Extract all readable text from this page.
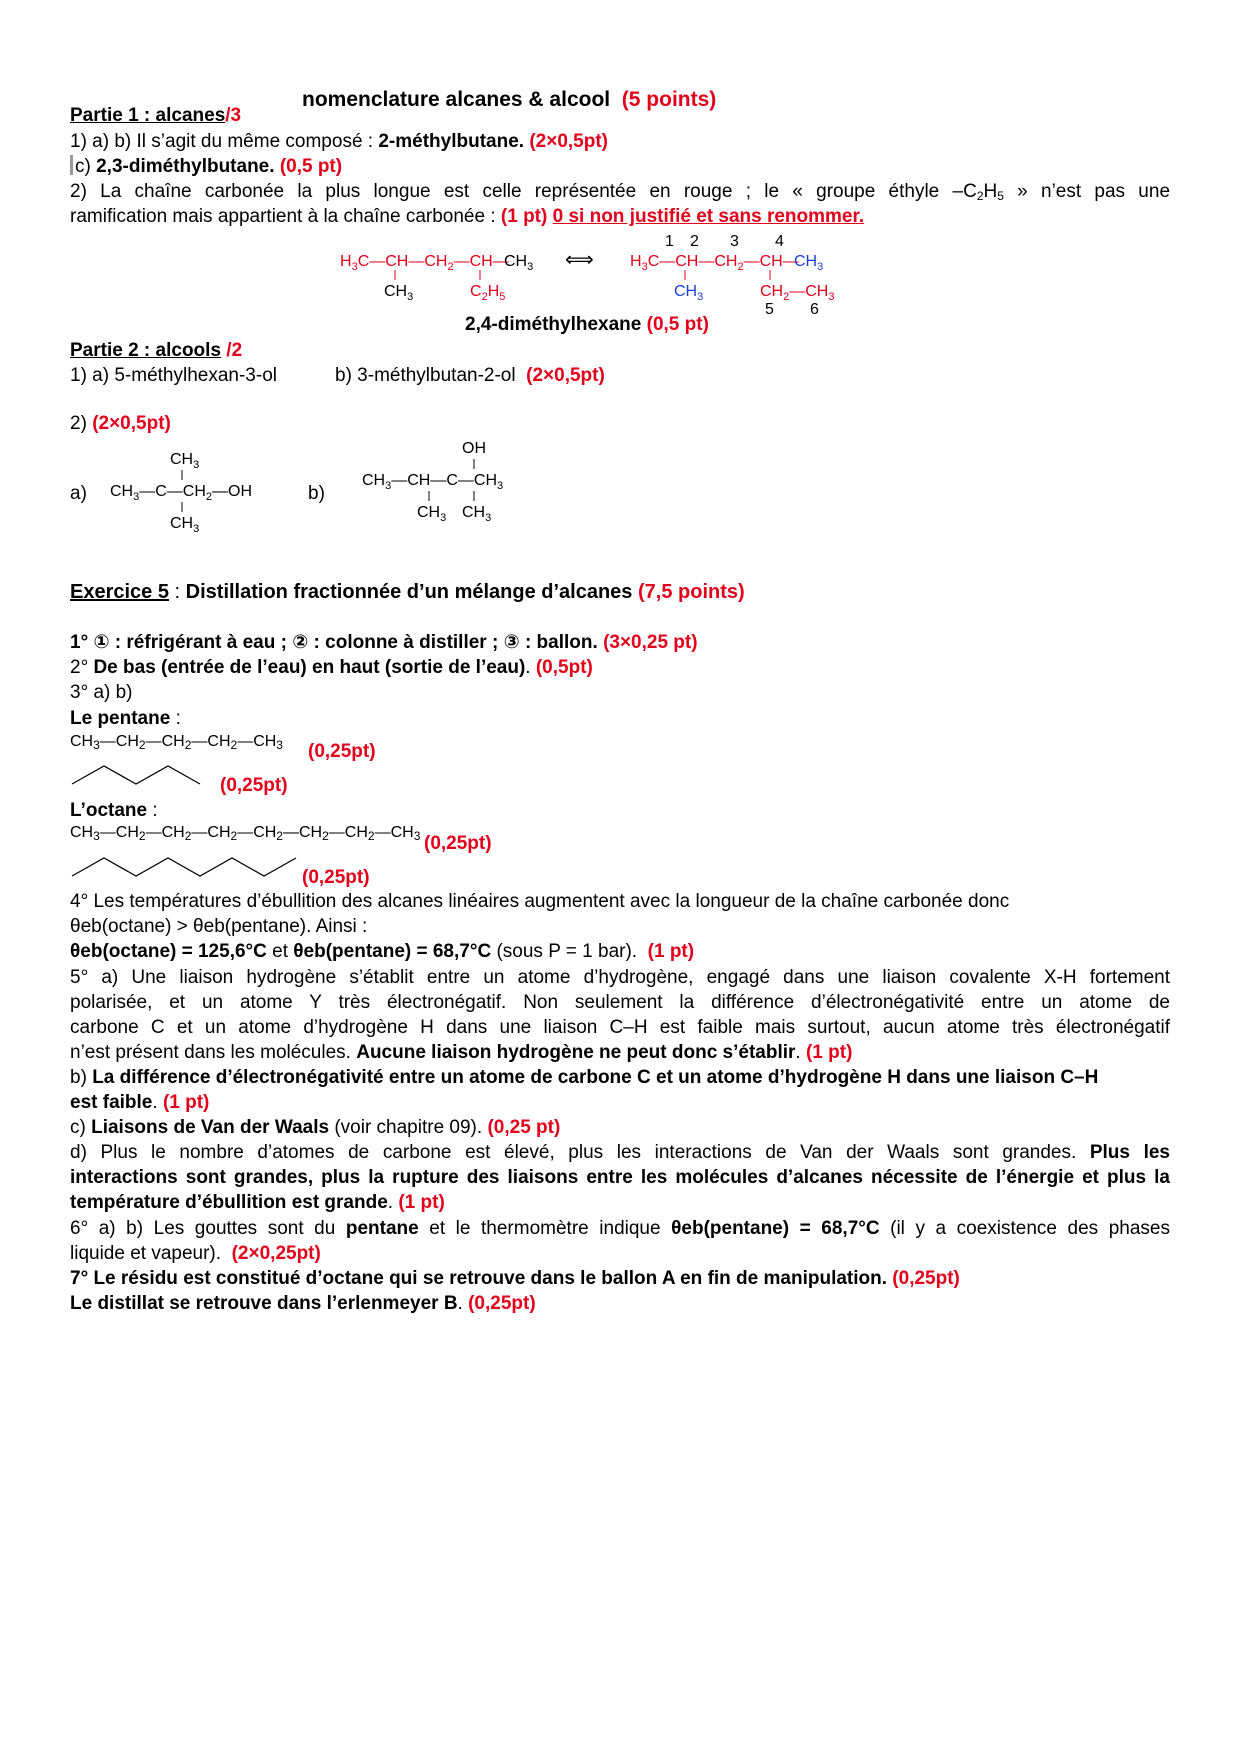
nomenclature alcanes & alcool (5 points)
Partie 1 : alcanes/3
1) a) b) Il s’agit du même composé : 2-méthylbutane. (2×0,5pt)
c) 2,3-diméthylbutane. (0,5 pt)
2) La chaîne carbonée la plus longue est celle représentée en rouge ; le « groupe éthyle $-C_2H_5$ » n’est pas une
ramification mais appartient à la chaîne carbonée : (1 pt) 0 si non justifié et sans renommer.
$H_3C—CH—CH_2—CH—$
$CH_3$
$CH_3$	$C_2H_5$
⟺
1 2 3 4
$H_3C—CH—CH_2—CH—$
$CH_3$
$CH_3$	$CH_2—CH_3$
5 6
2,4-diméthylhexane (0,5 pt)
Partie 2 : alcools /2
1) a) 5-méthylhexan-3-ol	b) 3-méthylbutan-2-ol (2×0,5pt)
2) (2×0,5pt)
a)
$CH_3$
$CH_3—C—CH_2—OH$
$CH_3$
b)
OH
$CH_3—CH—C—CH_3$
$CH_3$ $CH_3$
Exercice 5 : Distillation fractionnée d’un mélange d’alcanes (7,5 points)
1° ① : réfrigérant à eau ; ② : colonne à distiller ; ③ : ballon. (3×0,25 pt)
2° De bas (entrée de l’eau) en haut (sortie de l’eau). (0,5pt)
3° a) b)
Le pentane :
$CH_3—CH_2—CH_2—CH_2—CH_3$ (0,25pt)
(0,25pt)
L’octane :
$CH_3—CH_2—CH_2—CH_2—CH_2—CH_2—CH_2—CH_3$ (0,25pt)
(0,25pt)
4° Les températures d’ébullition des alcanes linéaires augmentent avec la longueur de la chaîne carbonée donc
θeb(octane) > θeb(pentane). Ainsi :
θeb(octane) = 125,6°C et θeb(pentane) = 68,7°C (sous P = 1 bar). (1 pt)
5° a) Une liaison hydrogène s’établit entre un atome d’hydrogène, engagé dans une liaison covalente X-H fortement
polarisée, et un atome Y très électronégatif. Non seulement la différence d’électronégativité entre un atome de
carbone C et un atome d’hydrogène H dans une liaison C–H est faible mais surtout, aucun atome très électronégatif
n’est présent dans les molécules. Aucune liaison hydrogène ne peut donc s’établir. (1 pt)
b) La différence d’électronégativité entre un atome de carbone C et un atome d’hydrogène H dans une liaison C–H
est faible. (1 pt)
c) Liaisons de Van der Waals (voir chapitre 09). (0,25 pt)
d) Plus le nombre d’atomes de carbone est élevé, plus les interactions de Van der Waals sont grandes. Plus les
interactions sont grandes, plus la rupture des liaisons entre les molécules d’alcanes nécessite de l’énergie et plus la
température d’ébullition est grande. (1 pt)
6° a) b) Les gouttes sont du pentane et le thermomètre indique θeb(pentane) = 68,7°C (il y a coexistence des phases
liquide et vapeur). (2×0,25pt)
7° Le résidu est constitué d’octane qui se retrouve dans le ballon A en fin de manipulation. (0,25pt)
Le distillat se retrouve dans l’erlenmeyer B. (0,25pt)
